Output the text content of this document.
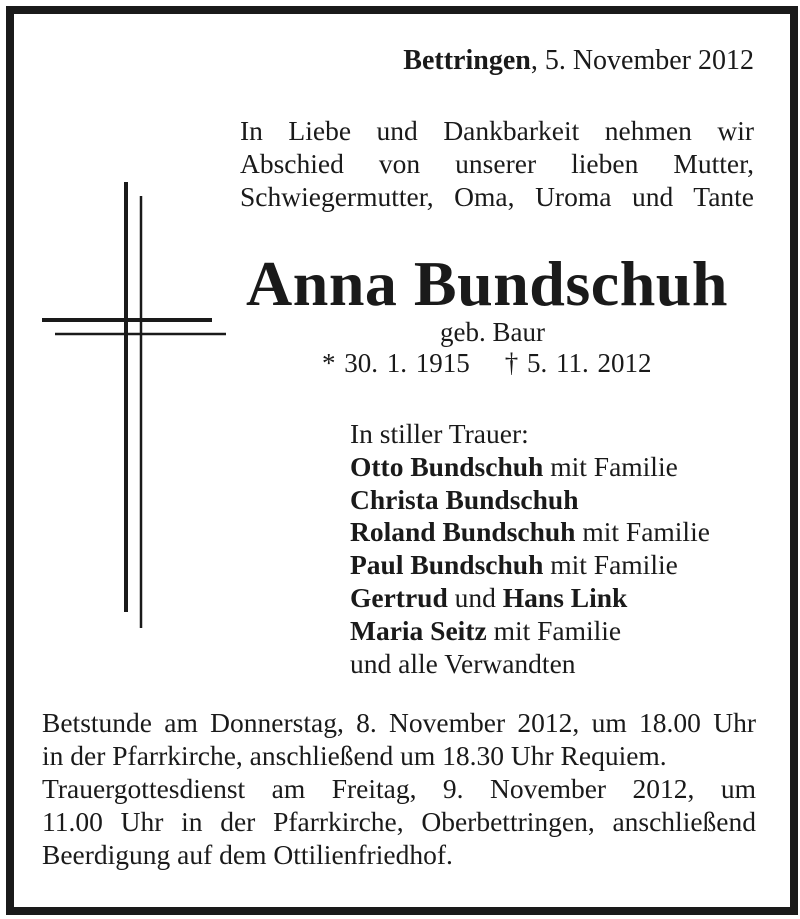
Bettringen, 5. November 2012

In Liebe und Dankbarkeit nehmen wir
Abschied von unserer lieben Mutter,
Schwiegermutter, Oma, Uroma und Tante

Anna Bundschuh

geb. Baur

* 30. 1. 1915    † 5. 11. 2012

In stiller Trauer:
Otto Bundschuh mit Familie
Christa Bundschuh
Roland Bundschuh mit Familie
Paul Bundschuh mit Familie
Gertrud und Hans Link
Maria Seitz mit Familie
und alle Verwandten
Betstunde am Donnerstag, 8. November 2012, um 18.00 Uhr
in der Pfarrkirche, anschließend um 18.30 Uhr Requiem.
Trauergottesdienst am Freitag, 9. November 2012, um
11.00 Uhr in der Pfarrkirche, Oberbettringen, anschließend
Beerdigung auf dem Ottilienfriedhof.
